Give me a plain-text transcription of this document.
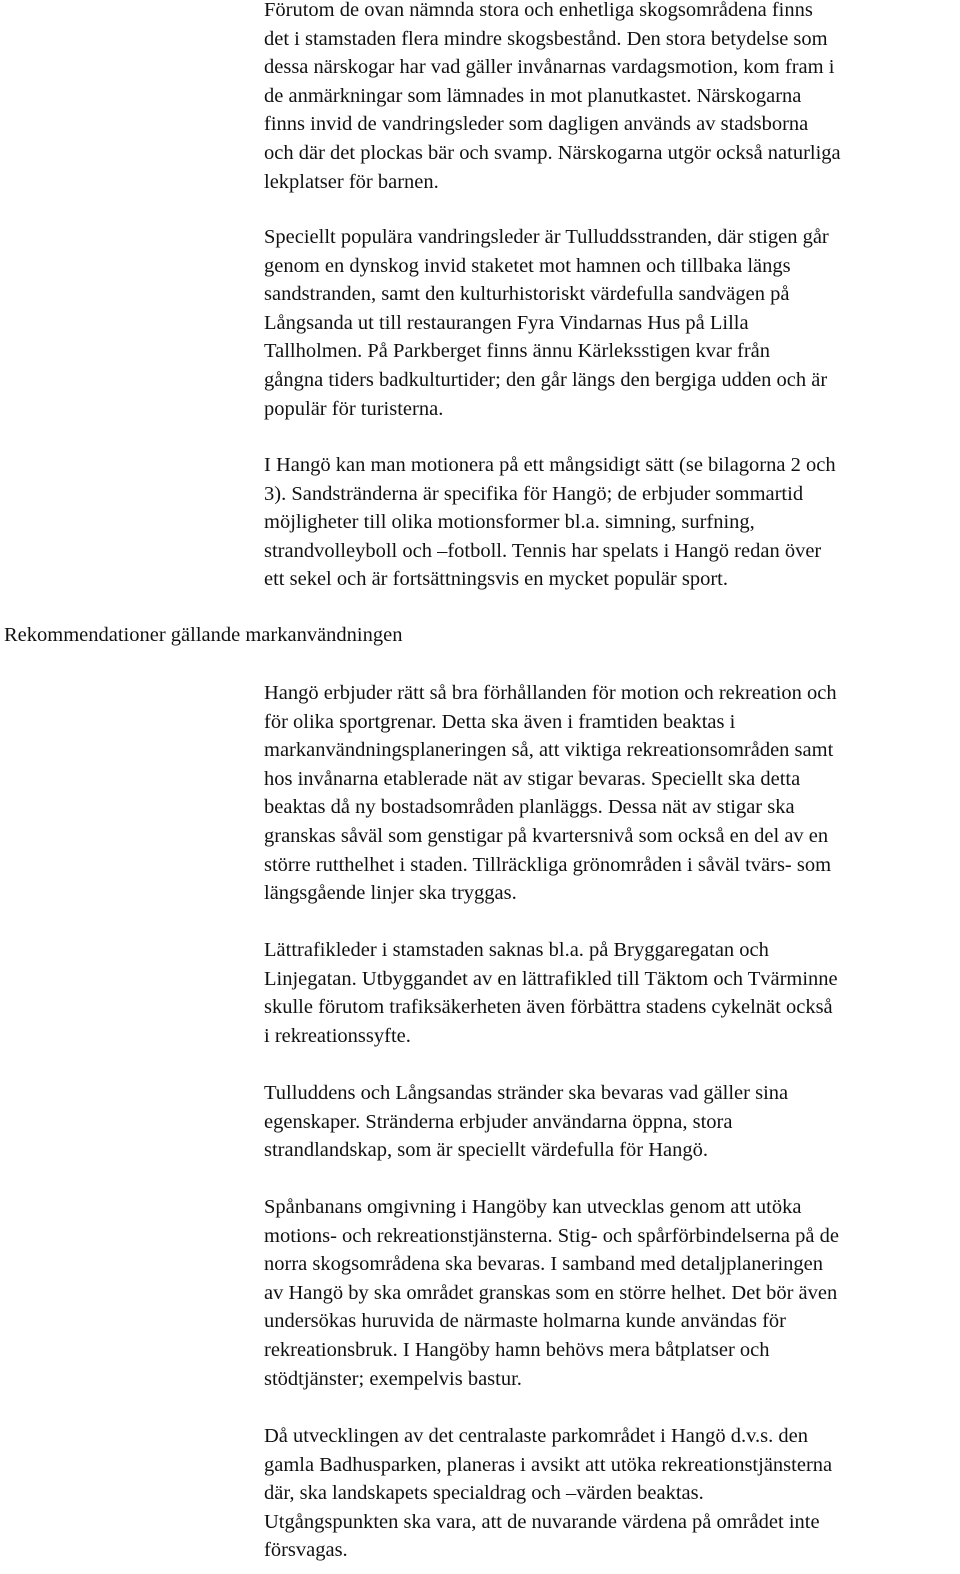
Förutom de ovan nämnda stora och enhetliga skogsområdena finns
det i stamstaden flera mindre skogsbestånd. Den stora betydelse som
dessa närskogar har vad gäller invånarnas vardagsmotion, kom fram i
de anmärkningar som lämnades in mot planutkastet. Närskogarna
finns invid de vandringsleder som dagligen används av stadsborna
och där det plockas bär och svamp. Närskogarna utgör också naturliga
lekplatser för barnen.

Speciellt populära vandringsleder är Tulluddsstranden, där stigen går
genom en dynskog invid staketet mot hamnen och tillbaka längs
sandstranden, samt den kulturhistoriskt värdefulla sandvägen på
Långsanda ut till restaurangen Fyra Vindarnas Hus på Lilla
Tallholmen. På Parkberget finns ännu Kärleksstigen kvar från
gångna tiders badkulturtider; den går längs den bergiga udden och är
populär för turisterna.

I Hangö kan man motionera på ett mångsidigt sätt (se bilagorna 2 och
3). Sandstränderna är specifika för Hangö; de erbjuder sommartid
möjligheter till olika motionsformer bl.a. simning, surfning,
strandvolleyboll och –fotboll. Tennis har spelats i Hangö redan över
ett sekel och är fortsättningsvis en mycket populär sport.

Rekommendationer gällande markanvändningen

Hangö erbjuder rätt så bra förhållanden för motion och rekreation och
för olika sportgrenar. Detta ska även i framtiden beaktas i
markanvändningsplaneringen så, att viktiga rekreationsområden samt
hos invånarna etablerade nät av stigar bevaras. Speciellt ska detta
beaktas då ny bostadsområden planläggs. Dessa nät av stigar ska
granskas såväl som genstigar på kvartersnivå som också en del av en
större rutthelhet i staden. Tillräckliga grönområden i såväl tvärs- som
längsgående linjer ska tryggas.

Lättrafikleder i stamstaden saknas bl.a. på Bryggaregatan och
Linjegatan. Utbyggandet av en lättrafikled till Täktom och Tvärminne
skulle förutom trafiksäkerheten även förbättra stadens cykelnät också
i rekreationssyfte.

Tulluddens och Långsandas stränder ska bevaras vad gäller sina
egenskaper. Stränderna erbjuder användarna öppna, stora
strandlandskap, som är speciellt värdefulla för Hangö.

Spånbanans omgivning i Hangöby kan utvecklas genom att utöka
motions- och rekreationstjänsterna. Stig- och spårförbindelserna på de
norra skogsområdena ska bevaras. I samband med detaljplaneringen
av Hangö by ska området granskas som en större helhet. Det bör även
undersökas huruvida de närmaste holmarna kunde användas för
rekreationsbruk. I Hangöby hamn behövs mera båtplatser och
stödtjänster; exempelvis bastur.

Då utvecklingen av det centralaste parkområdet i Hangö d.v.s. den
gamla Badhusparken, planeras i avsikt att utöka rekreationstjänsterna
där, ska landskapets specialdrag och –värden beaktas.
Utgångspunkten ska vara, att de nuvarande värdena på området inte
försvagas.
